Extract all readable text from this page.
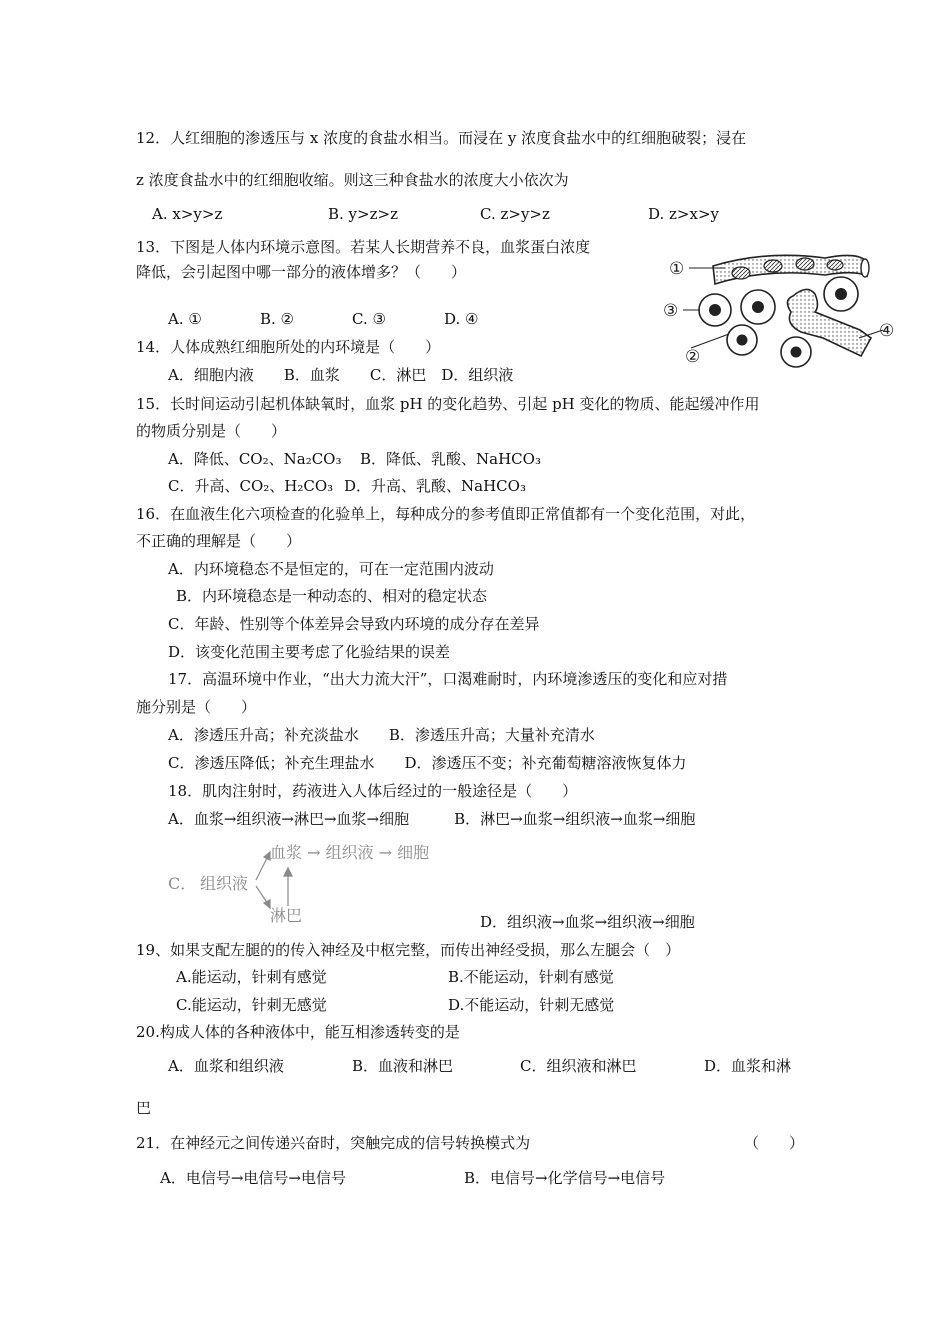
12．人红细胞的渗透压与 x 浓度的食盐水相当。而浸在 y 浓度食盐水中的红细胞破裂；浸在
z 浓度食盐水中的红细胞收缩。则这三种食盐水的浓度大小依次为
A. x>y>z	B. y>z>z	C. z>y>z	D. z>x>y
13．下图是人体内环境示意图。若某人长期营养不良，血浆蛋白浓度
降低，会引起图中哪一部分的液体增多？（　　）
A. ①	B. ②	C. ③	D. ④
①
③
②
④
14．人体成熟红细胞所处的内环境是（　　）
A．细胞内液　　B．血浆　　C．淋巴　D．组织液
15．长时间运动引起机体缺氧时，血浆 pH 的变化趋势、引起 pH 变化的物质、能起缓冲作用
的物质分别是（　　）
A．降低、CO₂、Na₂CO₃ B．降低、乳酸、NaHCO₃
C．升高、CO₂、H₂CO₃ D．升高、乳酸、NaHCO₃
16．在血液生化六项检查的化验单上，每种成分的参考值即正常值都有一个变化范围，对此，
不正确的理解是（　　）
A．内环境稳态不是恒定的，可在一定范围内波动
B．内环境稳态是一种动态的、相对的稳定状态
C．年龄、性别等个体差异会导致内环境的成分存在差异
D．该变化范围主要考虑了化验结果的误差
17．高温环境中作业，“出大力流大汗”，口渴难耐时，内环境渗透压的变化和应对措
施分别是（　　）
A．渗透压升高；补充淡盐水　　B．渗透压升高；大量补充清水
C．渗透压降低；补充生理盐水　　D．渗透压不变；补充葡萄糖溶液恢复体力
18．肌肉注射时，药液进入人体后经过的一般途径是（　　）
A．血浆→组织液→淋巴→血浆→细胞　　　B．淋巴→血浆→组织液→血浆→细胞
C． 组织液
血浆 → 组织液 → 细胞
淋巴	D．组织液→血浆→组织液→细胞
19、如果支配左腿的的传入神经及中枢完整，而传出神经受损，那么左腿会（　）
A.能运动，针刺有感觉	B.不能运动，针刺有感觉
C.能运动，针刺无感觉	D.不能运动，针刺无感觉
20.构成人体的各种液体中，能互相渗透转变的是
A．血浆和组织液	B．血液和淋巴	C．组织液和淋巴	D．血浆和淋
巴
21．在神经元之间传递兴奋时，突触完成的信号转换模式为	（　　）
A．电信号→电信号→电信号	B．电信号→化学信号→电信号
